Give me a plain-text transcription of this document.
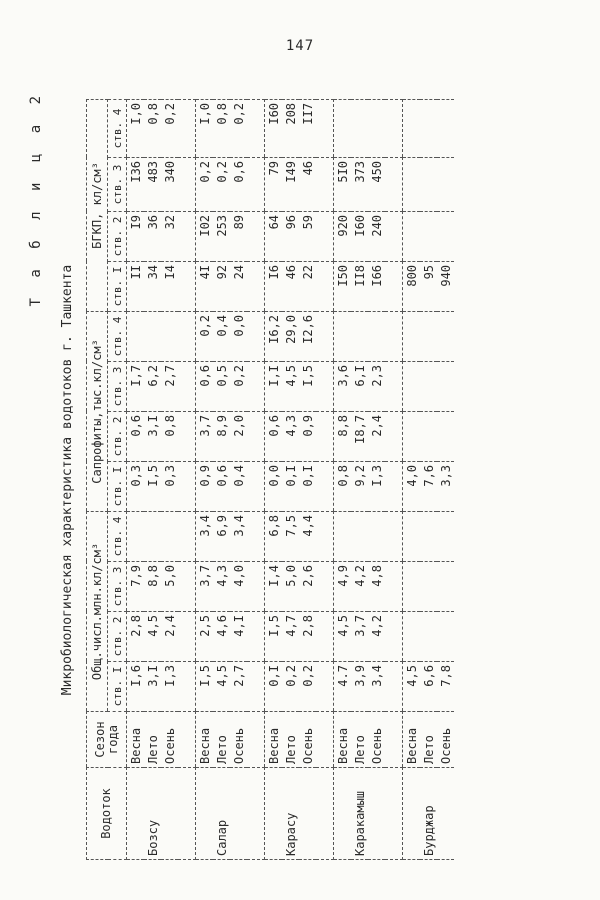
147
Т а б л и ц а 2
Микробиологическая характеристика водотоков г. Ташкента
Водоток	Сезон года	Общ.числ.млн.кл/см³				Сапрофиты,тыс.кл/см³				БГКП, кл/см³			
		ств. I	ств. 2	ств. 3	ств. 4	ств. I	ств. 2	ств. 3	ств. 4	ств. I	ств. 2	ств. 3	ств. 4
	Весна	I,6	2,8	7,9		0,3	0,6	I,7		II	I9	I36	I,0
Бозсу	Лето	3,I	4,5	8,8		I,5	3,I	6,2		34	36	483	0,8
	Осень	I,3	2,4	5,0		0,3	0,8	2,7		I4	32	340	0,2

	Весна	I,5	2,5	3,7	3,4	0,9	3,7	0,6	0,2	4I	I02	0,2	I,0
Салар	Лето	4,5	4,6	4,3	6,9	0,6	8,9	0,5	0,4	92	253	0,2	0,8
	Осень	2,7	4,I	4,0	3,4	0,4	2,0	0,2	0,0	24	89	0,6	0,2

	Весна	0,I	I,5	I,4	6,8	0,0	0,6	I,I	I6,2	I6	64	79	I60
Карасу	Лето	0,2	4,7	5,0	7,5	0,I	4,3	4,5	29,0	46	96	I49	208
	Осень	0,2	2,8	2,6	4,4	0,I	0,9	I,5	I2,6	22	59	46	II7

	Весна	4.7	4,5	4,9		0,8	8,8	3,6		I50	920	5I0	
Каракамыш	Лето	3,9	3,7	4,2		9,2	I8,7	6,I		II8	I60	373	
	Осень	3,4	4,2	4,8		I,3	2,4	2,3		I66	240	450	

	Весна	4,5				4,0				800			
Бурджар	Лето	6,6				7,6				95			
	Осень	7,8				3,3				940			
